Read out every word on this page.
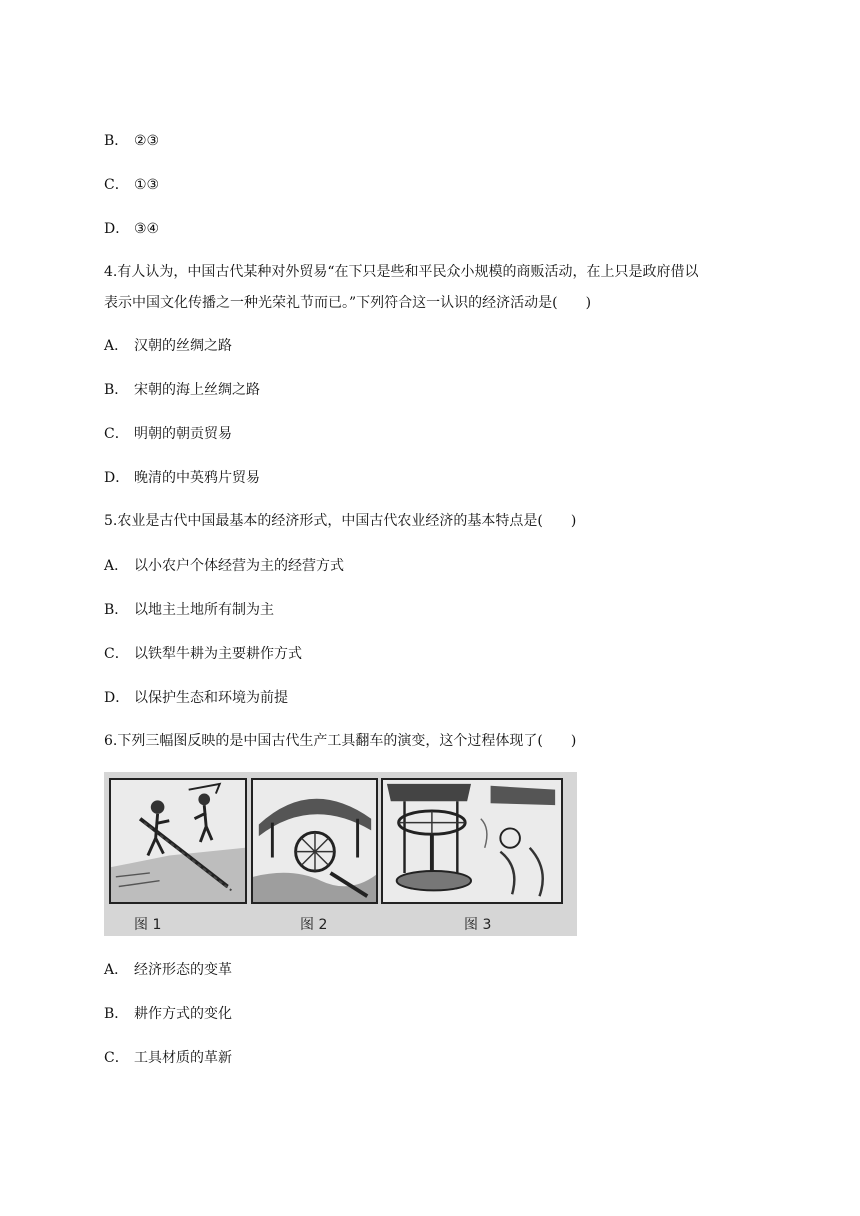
B． ②③
C． ①③
D． ③④
4.有人认为，中国古代某种对外贸易“在下只是些和平民众小规模的商贩活动，在上只是政府借以
表示中国文化传播之一种光荣礼节而已。”下列符合这一认识的经济活动是(　　)
A． 汉朝的丝绸之路
B． 宋朝的海上丝绸之路
C． 明朝的朝贡贸易
D． 晚清的中英鸦片贸易
5.农业是古代中国最基本的经济形式，中国古代农业经济的基本特点是(　　)
A． 以小农户个体经营为主的经营方式
B． 以地主土地所有制为主
C． 以铁犁牛耕为主要耕作方式
D． 以保护生态和环境为前提
6.下列三幅图反映的是中国古代生产工具翻车的演变，这个过程体现了(　　)
图 1	图 2	图 3
A． 经济形态的变革
B． 耕作方式的变化
C． 工具材质的革新
